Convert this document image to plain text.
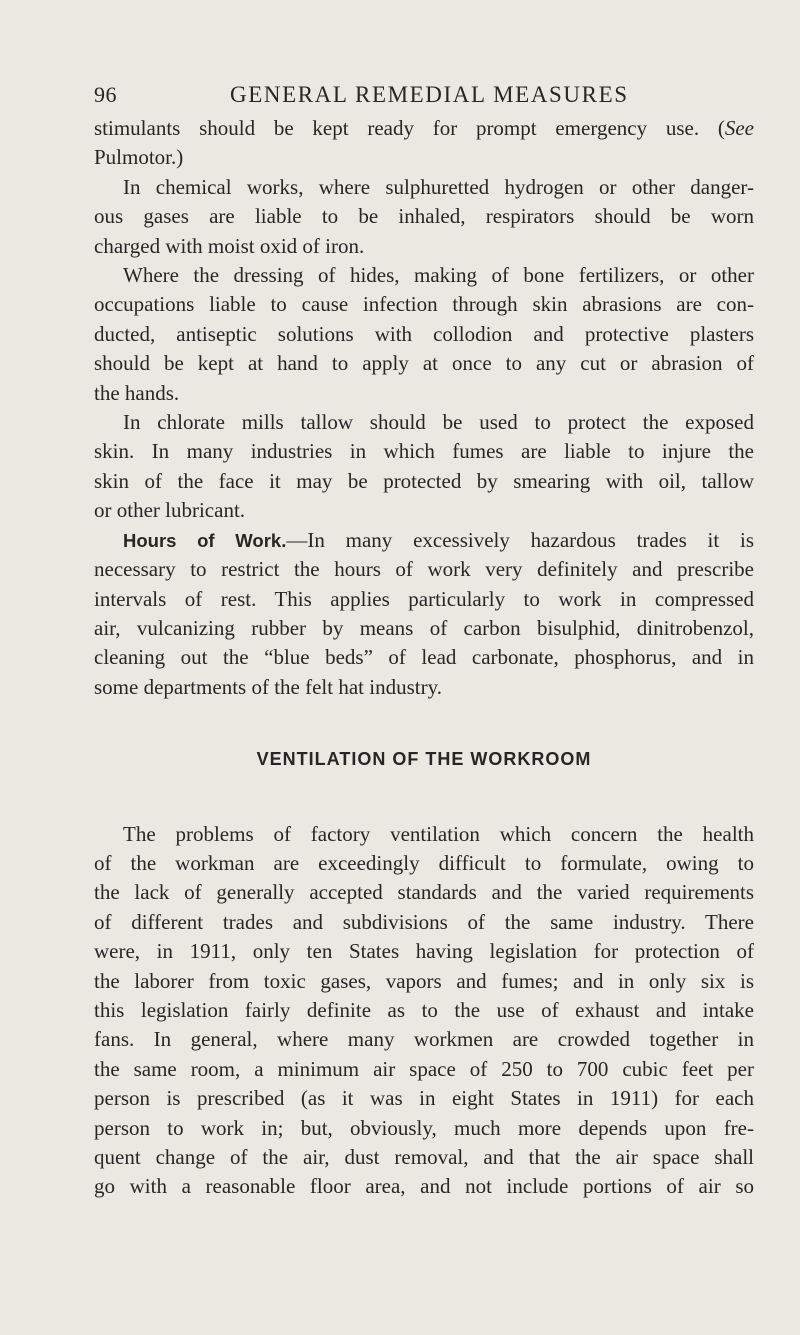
96	GENERAL REMEDIAL MEASURES
stimulants should be kept ready for prompt emergency use. (See
Pulmotor.)
In chemical works, where sulphuretted hydrogen or other danger-
ous gases are liable to be inhaled, respirators should be worn
charged with moist oxid of iron.
Where the dressing of hides, making of bone fertilizers, or other
occupations liable to cause infection through skin abrasions are con-
ducted, antiseptic solutions with collodion and protective plasters
should be kept at hand to apply at once to any cut or abrasion of
the hands.
In chlorate mills tallow should be used to protect the exposed
skin. In many industries in which fumes are liable to injure the
skin of the face it may be protected by smearing with oil, tallow
or other lubricant.
Hours of Work.—In many excessively hazardous trades it is
necessary to restrict the hours of work very definitely and prescribe
intervals of rest. This applies particularly to work in compressed
air, vulcanizing rubber by means of carbon bisulphid, dinitrobenzol,
cleaning out the “blue beds” of lead carbonate, phosphorus, and in
some departments of the felt hat industry.
VENTILATION OF THE WORKROOM
The problems of factory ventilation which concern the health
of the workman are exceedingly difficult to formulate, owing to
the lack of generally accepted standards and the varied requirements
of different trades and subdivisions of the same industry. There
were, in 1911, only ten States having legislation for protection of
the laborer from toxic gases, vapors and fumes; and in only six is
this legislation fairly definite as to the use of exhaust and intake
fans. In general, where many workmen are crowded together in
the same room, a minimum air space of 250 to 700 cubic feet per
person is prescribed (as it was in eight States in 1911) for each
person to work in; but, obviously, much more depends upon fre-
quent change of the air, dust removal, and that the air space shall
go with a reasonable floor area, and not include portions of air so
